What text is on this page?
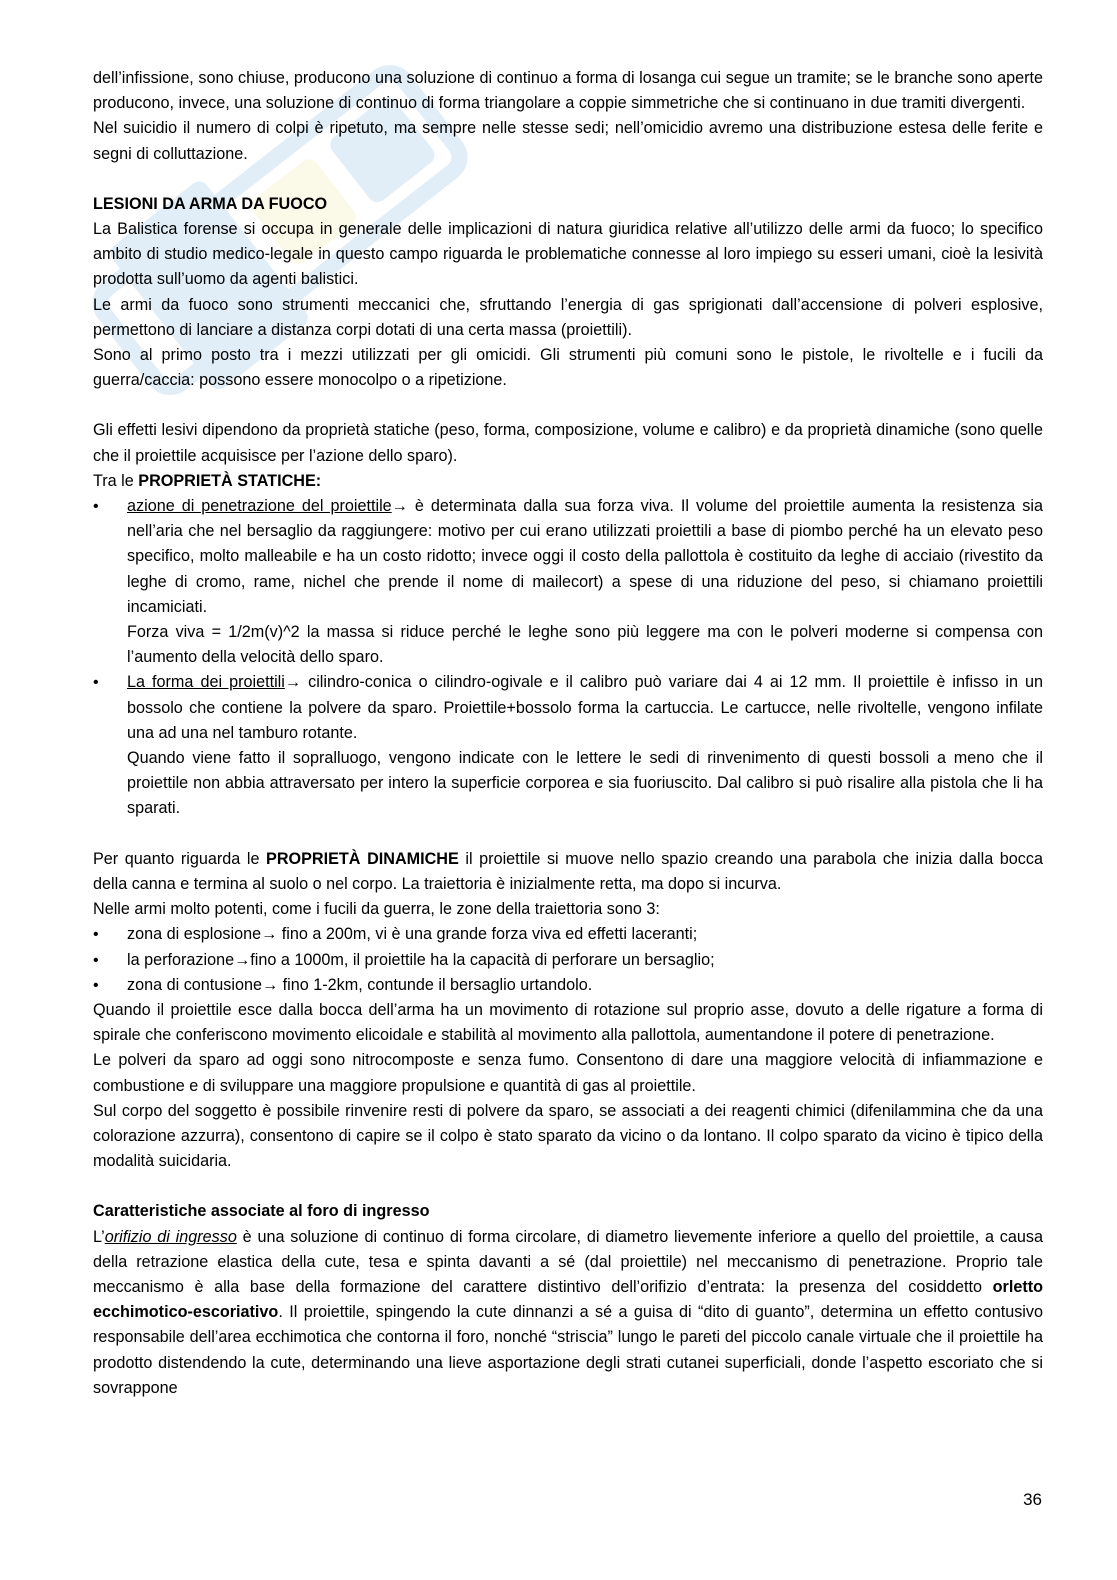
dell’infissione, sono chiuse, producono una soluzione di continuo a forma di losanga cui segue un tramite; se le branche sono aperte producono, invece, una soluzione di continuo di forma triangolare a coppie simmetriche che si continuano in due tramiti divergenti.

Nel suicidio il numero di colpi è ripetuto, ma sempre nelle stesse sedi; nell’omicidio avremo una distribuzione estesa delle ferite e segni di colluttazione.

LESIONI DA ARMA DA FUOCO

La Balistica forense si occupa in generale delle implicazioni di natura giuridica relative all’utilizzo delle armi da fuoco; lo specifico ambito di studio medico-legale in questo campo riguarda le problematiche connesse al loro impiego su esseri umani, cioè la lesività prodotta sull’uomo da agenti balistici.

Le armi da fuoco sono strumenti meccanici che, sfruttando l’energia di gas sprigionati dall’accensione di polveri esplosive, permettono di lanciare a distanza corpi dotati di una certa massa (proiettili).

Sono al primo posto tra i mezzi utilizzati per gli omicidi. Gli strumenti più comuni sono le pistole, le rivoltelle e i fucili da guerra/caccia: possono essere monocolpo o a ripetizione.

Gli effetti lesivi dipendono da proprietà statiche (peso, forma, composizione, volume e calibro) e da proprietà dinamiche (sono quelle che il proiettile acquisisce per l’azione dello sparo).

Tra le PROPRIETÀ STATICHE:

• azione di penetrazione del proiettile→ è determinata dalla sua forza viva. Il volume del proiettile aumenta la resistenza sia nell’aria che nel bersaglio da raggiungere: motivo per cui erano utilizzati proiettili a base di piombo perché ha un elevato peso specifico, molto malleabile e ha un costo ridotto; invece oggi il costo della pallottola è costituito da leghe di acciaio (rivestito da leghe di cromo, rame, nichel che prende il nome di mailecort) a spese di una riduzione del peso, si chiamano proiettili incamiciati.

Forza viva = 1/2m(v)^2 la massa si riduce perché le leghe sono più leggere ma con le polveri moderne si compensa con l’aumento della velocità dello sparo.

• La forma dei proiettili→ cilindro-conica o cilindro-ogivale e il calibro può variare dai 4 ai 12 mm. Il proiettile è infisso in un bossolo che contiene la polvere da sparo. Proiettile+bossolo forma la cartuccia. Le cartucce, nelle rivoltelle, vengono infilate una ad una nel tamburo rotante.

Quando viene fatto il sopralluogo, vengono indicate con le lettere le sedi di rinvenimento di questi bossoli a meno che il proiettile non abbia attraversato per intero la superficie corporea e sia fuoriuscito. Dal calibro si può risalire alla pistola che li ha sparati.

Per quanto riguarda le PROPRIETÀ DINAMICHE il proiettile si muove nello spazio creando una parabola che inizia dalla bocca della canna e termina al suolo o nel corpo. La traiettoria è inizialmente retta, ma dopo si incurva.

Nelle armi molto potenti, come i fucili da guerra, le zone della traiettoria sono 3:

• zona di esplosione→ fino a 200m, vi è una grande forza viva ed effetti laceranti;
• la perforazione→fino a 1000m, il proiettile ha la capacità di perforare un bersaglio;
• zona di contusione→ fino 1-2km, contunde il bersaglio urtandolo.

Quando il proiettile esce dalla bocca dell’arma ha un movimento di rotazione sul proprio asse, dovuto a delle rigature a forma di spirale che conferiscono movimento elicoidale e stabilità al movimento alla pallottola, aumentandone il potere di penetrazione.

Le polveri da sparo ad oggi sono nitrocomposte e senza fumo. Consentono di dare una maggiore velocità di infiammazione e combustione e di sviluppare una maggiore propulsione e quantità di gas al proiettile.

Sul corpo del soggetto è possibile rinvenire resti di polvere da sparo, se associati a dei reagenti chimici (difenilammina che da una colorazione azzurra), consentono di capire se il colpo è stato sparato da vicino o da lontano. Il colpo sparato da vicino è tipico della modalità suicidaria.

Caratteristiche associate al foro di ingresso

L’orifizio di ingresso è una soluzione di continuo di forma circolare, di diametro lievemente inferiore a quello del proiettile, a causa della retrazione elastica della cute, tesa e spinta davanti a sé (dal proiettile) nel meccanismo di penetrazione. Proprio tale meccanismo è alla base della formazione del carattere distintivo dell’orifizio d’entrata: la presenza del cosiddetto orletto ecchimotico-escoriativo. Il proiettile, spingendo la cute dinnanzi a sé a guisa di “dito di guanto”, determina un effetto contusivo responsabile dell’area ecchimotica che contorna il foro, nonché “striscia” lungo le pareti del piccolo canale virtuale che il proiettile ha prodotto distendendo la cute, determinando una lieve asportazione degli strati cutanei superficiali, donde l’aspetto escoriato che si sovrappone

36
